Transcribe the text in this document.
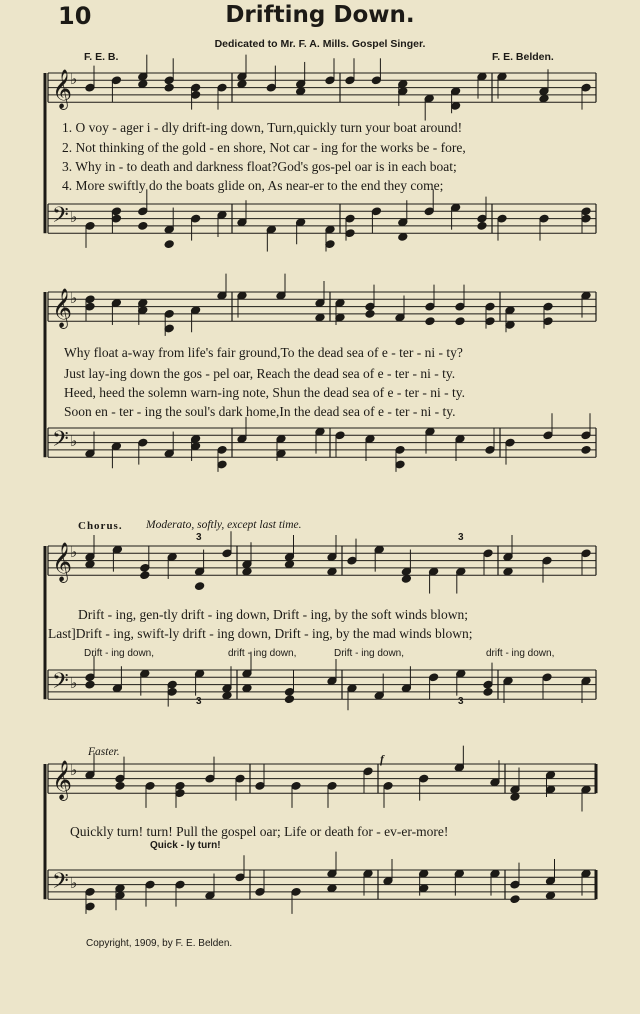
10	Drifting Down.
Dedicated to Mr. F. A. Mills. Gospel Singer.
F. E. B.	F. E. Belden.
𝄞
♭
𝄢 ♭
𝄞
♭
𝄢 ♭
𝄞
♭
𝄢 ♭
𝄞
♭
𝄢 ♭
1. O voy - ager i - dly drift-ing down, Turn,quickly turn your boat around!
2. Not thinking of the gold - en shore, Not car - ing for the works be - fore,
3. Why in - to death and darkness float?God's gos-pel oar is in each boat;
4. More swiftly do the boats glide on, As near-er to the end they come;
Why float a-way from life's fair ground,To the dead sea of e - ter - ni - ty?
Just lay-ing down the gos - pel oar, Reach the dead sea of e - ter - ni - ty.
Heed, heed the solemn warn-ing note, Shun the dead sea of e - ter - ni - ty.
Soon en - ter - ing the soul's dark home,In the dead sea of e - ter - ni - ty.
Chorus. Moderato, softly, except last time.
Drift - ing, gen-tly drift - ing down, Drift - ing, by the soft winds blown;
Last]Drift - ing, swift-ly drift - ing down, Drift - ing, by the mad winds blown;
Drift - ing down,	drift - ing down,	Drift - ing down,	drift - ing down,
3	3
3	3
Faster.
f
Quickly turn! turn! Pull the gospel oar; Life or death for - ev-er-more!
Quick - ly turn!
Copyright, 1909, by F. E. Belden.
